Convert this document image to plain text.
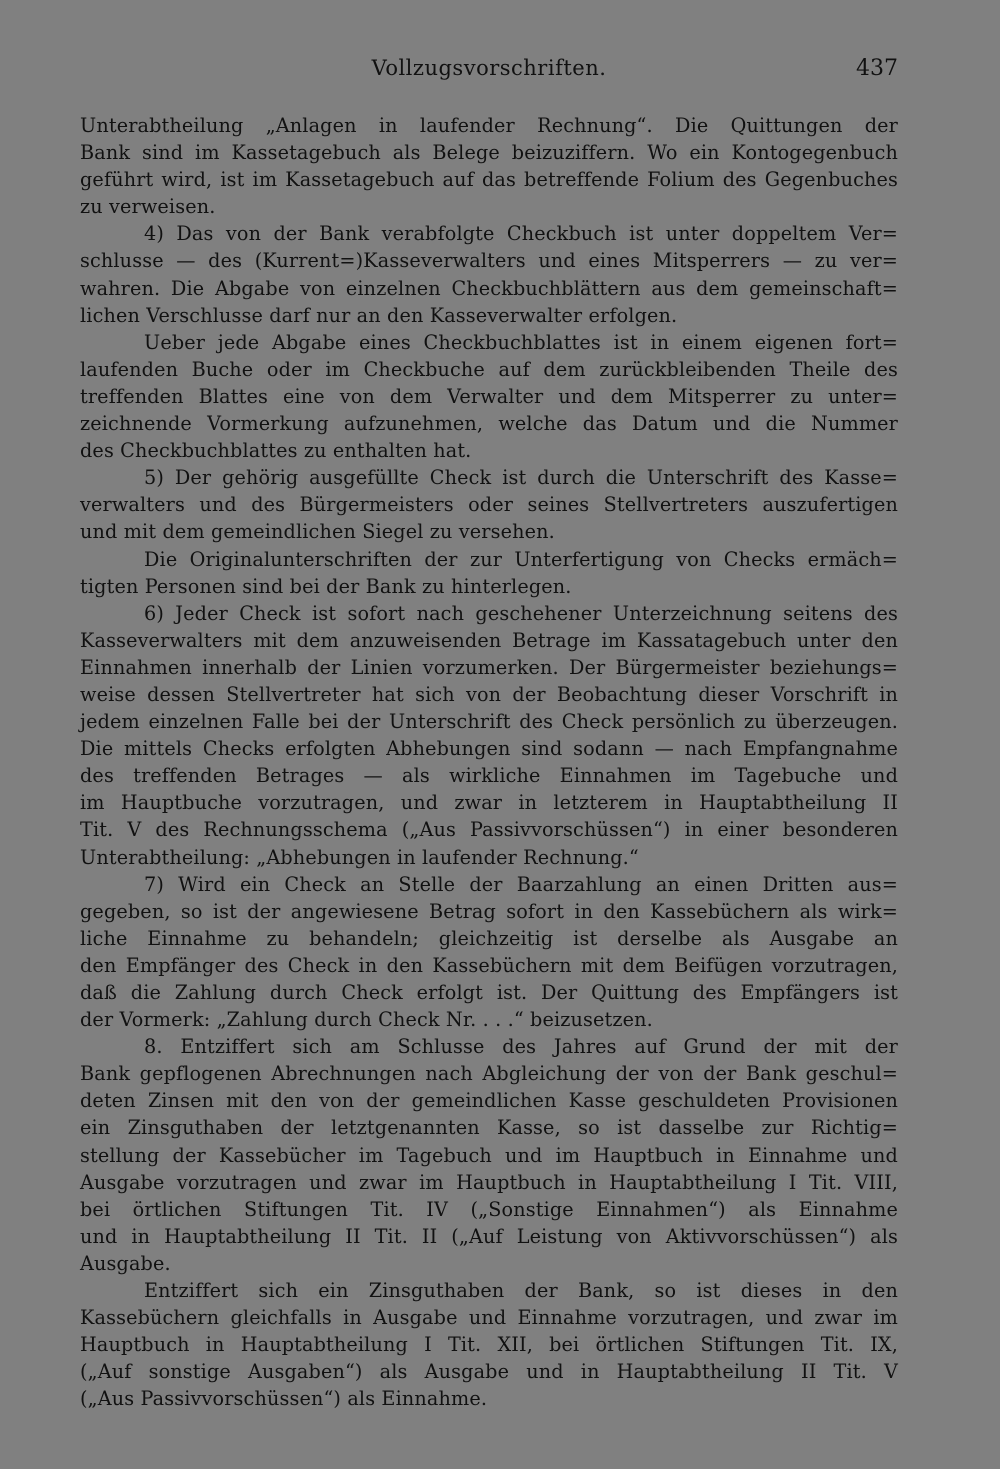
Vollzugsvorschriften.	437
Unterabtheilung „Anlagen in laufender Rechnung“. Die Quittungen der
Bank sind im Kassetagebuch als Belege beizuziffern. Wo ein Kontogegenbuch
geführt wird, ist im Kassetagebuch auf das betreffende Folium des Gegenbuches
zu verweisen.
4) Das von der Bank verabfolgte Checkbuch ist unter doppeltem Ver=
schlusse — des (Kurrent=)Kasseverwalters und eines Mitsperrers — zu ver=
wahren. Die Abgabe von einzelnen Checkbuchblättern aus dem gemeinschaft=
lichen Verschlusse darf nur an den Kasseverwalter erfolgen.
Ueber jede Abgabe eines Checkbuchblattes ist in einem eigenen fort=
laufenden Buche oder im Checkbuche auf dem zurückbleibenden Theile des
treffenden Blattes eine von dem Verwalter und dem Mitsperrer zu unter=
zeichnende Vormerkung aufzunehmen, welche das Datum und die Nummer
des Checkbuchblattes zu enthalten hat.
5) Der gehörig ausgefüllte Check ist durch die Unterschrift des Kasse=
verwalters und des Bürgermeisters oder seines Stellvertreters auszufertigen
und mit dem gemeindlichen Siegel zu versehen.
Die Originalunterschriften der zur Unterfertigung von Checks ermäch=
tigten Personen sind bei der Bank zu hinterlegen.
6) Jeder Check ist sofort nach geschehener Unterzeichnung seitens des
Kasseverwalters mit dem anzuweisenden Betrage im Kassatagebuch unter den
Einnahmen innerhalb der Linien vorzumerken. Der Bürgermeister beziehungs=
weise dessen Stellvertreter hat sich von der Beobachtung dieser Vorschrift in
jedem einzelnen Falle bei der Unterschrift des Check persönlich zu überzeugen.
Die mittels Checks erfolgten Abhebungen sind sodann — nach Empfangnahme
des treffenden Betrages — als wirkliche Einnahmen im Tagebuche und
im Hauptbuche vorzutragen, und zwar in letzterem in Hauptabtheilung II
Tit. V des Rechnungsschema („Aus Passivvorschüssen“) in einer besonderen
Unterabtheilung: „Abhebungen in laufender Rechnung.“
7) Wird ein Check an Stelle der Baarzahlung an einen Dritten aus=
gegeben, so ist der angewiesene Betrag sofort in den Kassebüchern als wirk=
liche Einnahme zu behandeln; gleichzeitig ist derselbe als Ausgabe an
den Empfänger des Check in den Kassebüchern mit dem Beifügen vorzutragen,
daß die Zahlung durch Check erfolgt ist. Der Quittung des Empfängers ist
der Vormerk: „Zahlung durch Check Nr. . . .“ beizusetzen.
8. Entziffert sich am Schlusse des Jahres auf Grund der mit der
Bank gepflogenen Abrechnungen nach Abgleichung der von der Bank geschul=
deten Zinsen mit den von der gemeindlichen Kasse geschuldeten Provisionen
ein Zinsguthaben der letztgenannten Kasse, so ist dasselbe zur Richtig=
stellung der Kassebücher im Tagebuch und im Hauptbuch in Einnahme und
Ausgabe vorzutragen und zwar im Hauptbuch in Hauptabtheilung I Tit. VIII,
bei örtlichen Stiftungen Tit. IV („Sonstige Einnahmen“) als Einnahme
und in Hauptabtheilung II Tit. II („Auf Leistung von Aktivvorschüssen“) als
Ausgabe.
Entziffert sich ein Zinsguthaben der Bank, so ist dieses in den
Kassebüchern gleichfalls in Ausgabe und Einnahme vorzutragen, und zwar im
Hauptbuch in Hauptabtheilung I Tit. XII, bei örtlichen Stiftungen Tit. IX,
(„Auf sonstige Ausgaben“) als Ausgabe und in Hauptabtheilung II Tit. V
(„Aus Passivvorschüssen“) als Einnahme.
